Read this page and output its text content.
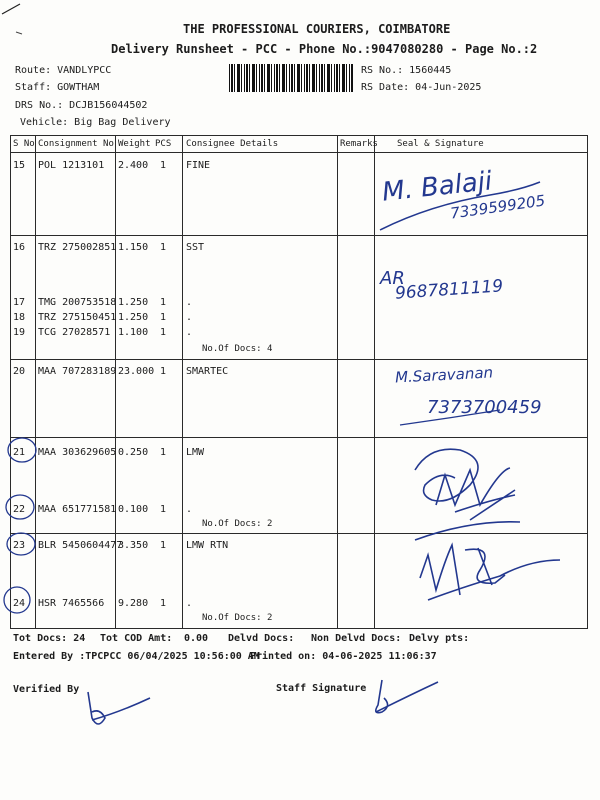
THE PROFESSIONAL COURIERS, COIMBATORE
Delivery Runsheet - PCC - Phone No.:9047080280 - Page No.:2
Route: VANDLYPCC
Staff: GOWTHAM
DRS No.: DCJB156044502
Vehicle: Big Bag Delivery
RS No.: 1560445
RS Date: 04-Jun-2025
S No Consignment No Weight PCS Consignee Details	Remarks Seal & Signature
15 POL 1213101 2.400 1 FINE
16 TRZ 275002851 1.150 1 SST
17 TMG 200753518 1.250 1 .
18 TRZ 275150451 1.250 1 .
19 TCG 27028571 1.100 1 .
No.Of Docs: 4
20 MAA 707283189 23.000 1 SMARTEC
21 MAA 303629605 0.250 1 LMW
22 MAA 651771581 0.100 1 .
No.Of Docs: 2
23 BLR 5450604477
3.350 1 LMW RTN
24 HSR 7465566 9.280 1 .
No.Of Docs: 2
M. Balaji
7339599205
AR
9687811119
M.Saravanan
7373700459
Tot Docs: 24 Tot COD Amt: 0.00 Delvd Docs: Non Delvd Docs: Delvy pts:
Entered By :TPCPCC 06/04/2025 10:56:00 AM
Printed on: 04-06-2025 11:06:37
Verified By	Staff Signature
